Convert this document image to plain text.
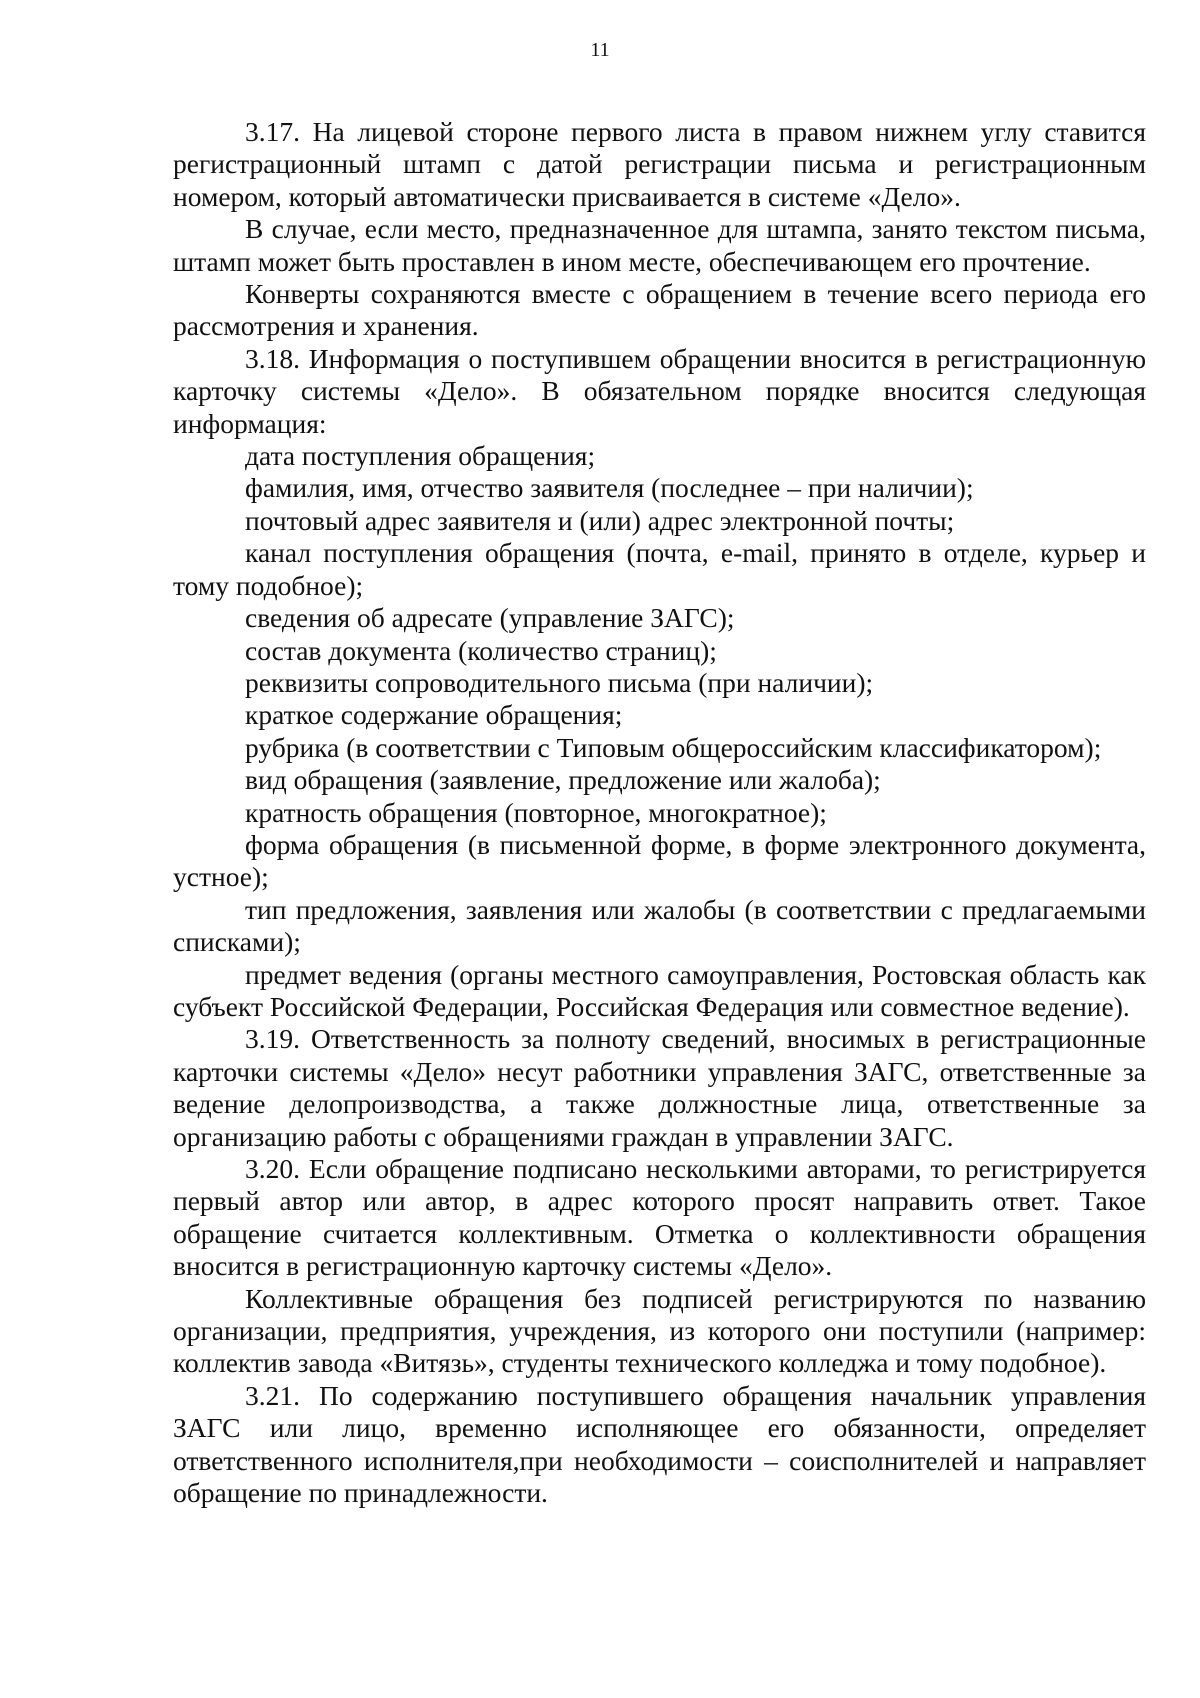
11

3.17. На лицевой стороне первого листа в правом нижнем углу ставится регистрационный штамп с датой регистрации письма и регистрационным номером, который автоматически присваивается в системе «Дело».

В случае, если место, предназначенное для штампа, занято текстом письма, штамп может быть проставлен в ином месте, обеспечивающем его прочтение.

Конверты сохраняются вместе с обращением в течение всего периода его рассмотрения и хранения.

3.18. Информация о поступившем обращении вносится в регистрационную карточку системы «Дело». В обязательном порядке вносится следующая информация:

дата поступления обращения;

фамилия, имя, отчество заявителя (последнее – при наличии);

почтовый адрес заявителя и (или) адрес электронной почты;

канал поступления обращения (почта, e-mail, принято в отделе, курьер и тому подобное);

сведения об адресате (управление ЗАГС);

состав документа (количество страниц);

реквизиты сопроводительного письма (при наличии);

краткое содержание обращения;

рубрика (в соответствии с Типовым общероссийским классификатором);

вид обращения (заявление, предложение или жалоба);

кратность обращения (повторное, многократное);

форма обращения (в письменной форме, в форме электронного документа, устное);

тип предложения, заявления или жалобы (в соответствии с предлагаемыми списками);

предмет ведения (органы местного самоуправления, Ростовская область как субъект Российской Федерации, Российская Федерация или совместное ведение).

3.19. Ответственность за полноту сведений, вносимых в регистрационные карточки системы «Дело» несут работники управления ЗАГС, ответственные за ведение делопроизводства, а также должностные лица, ответственные за организацию работы с обращениями граждан в управлении ЗАГС.

3.20. Если обращение подписано несколькими авторами, то регистрируется первый автор или автор, в адрес которого просят направить ответ. Такое обращение считается коллективным. Отметка о коллективности обращения вносится в регистрационную карточку системы «Дело».

Коллективные обращения без подписей регистрируются по названию организации, предприятия, учреждения, из которого они поступили (например: коллектив завода «Витязь», студенты технического колледжа и тому подобное).

3.21. По содержанию поступившего обращения начальник управления ЗАГС или лицо, временно исполняющее его обязанности, определяет ответственного исполнителя,при необходимости – соисполнителей и направляет обращение по принадлежности.
